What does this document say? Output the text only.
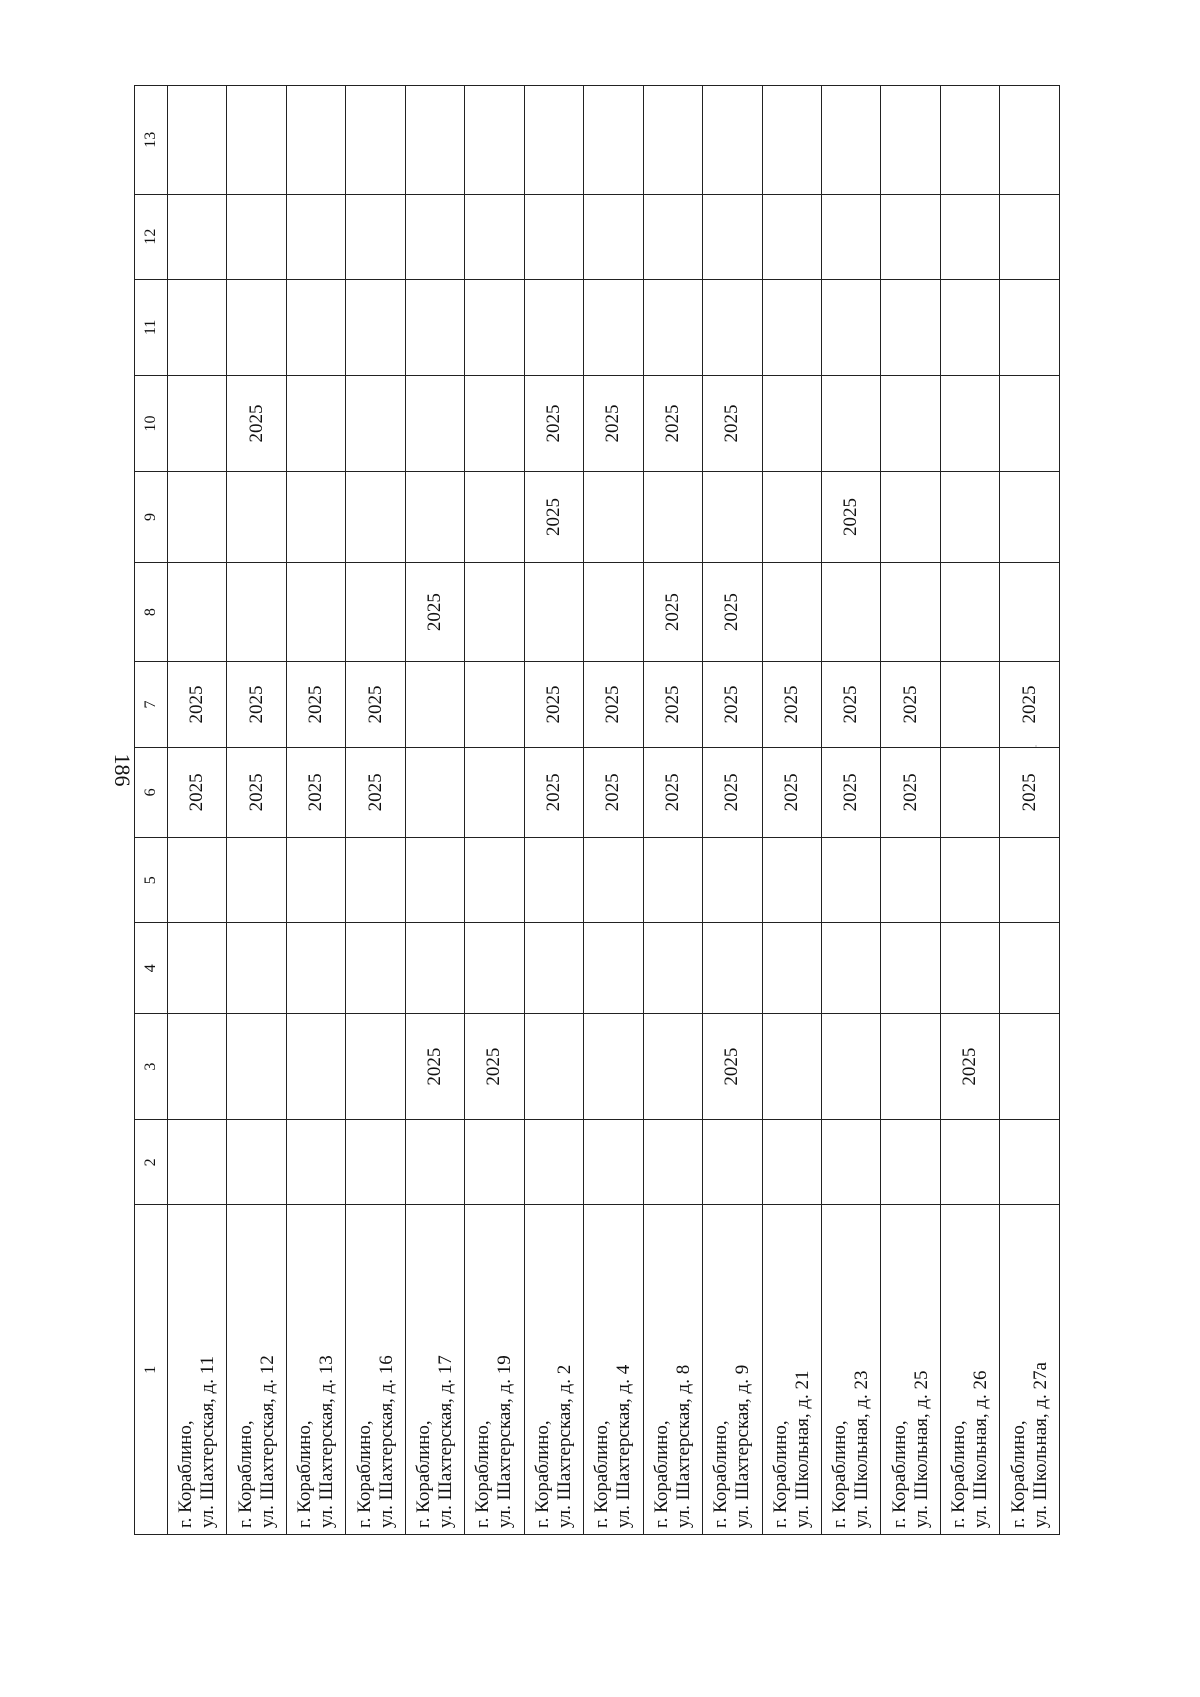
186
1	2	3	4	5	6	7	8	9	10	11	12	13

г. Кораблино, ул. Шахтерская, д. 11					2025	2025						

г. Кораблино, ул. Шахтерская, д. 12					2025	2025			2025			

г. Кораблино, ул. Шахтерская, д. 13					2025	2025						

г. Кораблино, ул. Шахтерская, д. 16					2025	2025						

г. Кораблино, ул. Шахтерская, д. 17		2025					2025					

г. Кораблино, ул. Шахтерская, д. 19		2025										

г. Кораблино, ул. Шахтерская, д. 2					2025	2025		2025	2025			

г. Кораблино, ул. Шахтерская, д. 4					2025	2025			2025			

г. Кораблино, ул. Шахтерская, д. 8					2025	2025	2025		2025			

г. Кораблино, ул. Шахтерская, д. 9		2025			2025	2025	2025		2025			

г. Кораблино, ул. Школьная, д. 21					2025	2025						

г. Кораблино, ул. Школьная, д. 23					2025	2025		2025				

г. Кораблино, ул. Школьная, д. 25					2025	2025						

г. Кораблино, ул. Школьная, д. 26		2025										

г. Кораблино, ул. Школьная, д. 27а					2025	2025						
